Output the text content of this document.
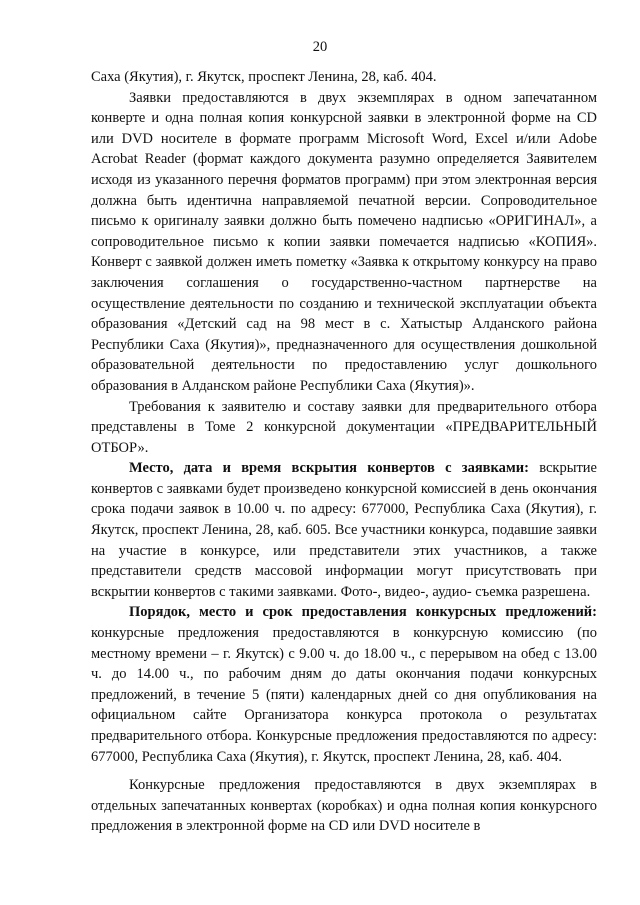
20

Саха (Якутия), г. Якутск, проспект Ленина, 28, каб. 404.

Заявки предоставляются в двух экземплярах в одном запечатанном конверте и одна полная копия конкурсной заявки в электронной форме на CD или DVD носителе в формате программ Microsoft Word, Excel и/или Adobe Acrobat Reader (формат каждого документа разумно определяется Заявителем исходя из указанного перечня форматов программ) при этом электронная версия должна быть идентична направляемой печатной версии. Сопроводительное письмо к оригиналу заявки должно быть помечено надписью «ОРИГИНАЛ», а сопроводительное письмо к копии заявки помечается надписью «КОПИЯ». Конверт с заявкой должен иметь пометку «Заявка к открытому конкурсу на право заключения соглашения о государственно-частном партнерстве на осуществление деятельности по созданию и технической эксплуатации объекта образования «Детский сад на 98 мест в с. Хатыстыр Алданского района Республики Саха (Якутия)», предназначенного для осуществления дошкольной образовательной деятельности по предоставлению услуг дошкольного образования в Алданском районе Республики Саха (Якутия)».

Требования к заявителю и составу заявки для предварительного отбора представлены в Томе 2 конкурсной документации «ПРЕДВАРИТЕЛЬНЫЙ ОТБОР».

Место, дата и время вскрытия конвертов с заявками: вскрытие конвертов с заявками будет произведено конкурсной комиссией в день окончания срока подачи заявок в 10.00 ч. по адресу: 677000, Республика Саха (Якутия), г. Якутск, проспект Ленина, 28, каб. 605. Все участники конкурса, подавшие заявки на участие в конкурсе, или представители этих участников, а также представители средств массовой информации могут присутствовать при вскрытии конвертов с такими заявками. Фото-, видео-, аудио- съемка разрешена.

Порядок, место и срок предоставления конкурсных предложений: конкурсные предложения предоставляются в конкурсную комиссию (по местному времени – г. Якутск) с 9.00 ч. до 18.00 ч., с перерывом на обед с 13.00 ч. до 14.00 ч., по рабочим дням до даты окончания подачи конкурсных предложений, в течение 5 (пяти) календарных дней со дня опубликования на официальном сайте Организатора конкурса протокола о результатах предварительного отбора. Конкурсные предложения предоставляются по адресу: 677000, Республика Саха (Якутия), г. Якутск, проспект Ленина, 28, каб. 404.

Конкурсные предложения предоставляются в двух экземплярах в отдельных запечатанных конвертах (коробках) и одна полная копия конкурсного предложения в электронной форме на CD или DVD носителе в
